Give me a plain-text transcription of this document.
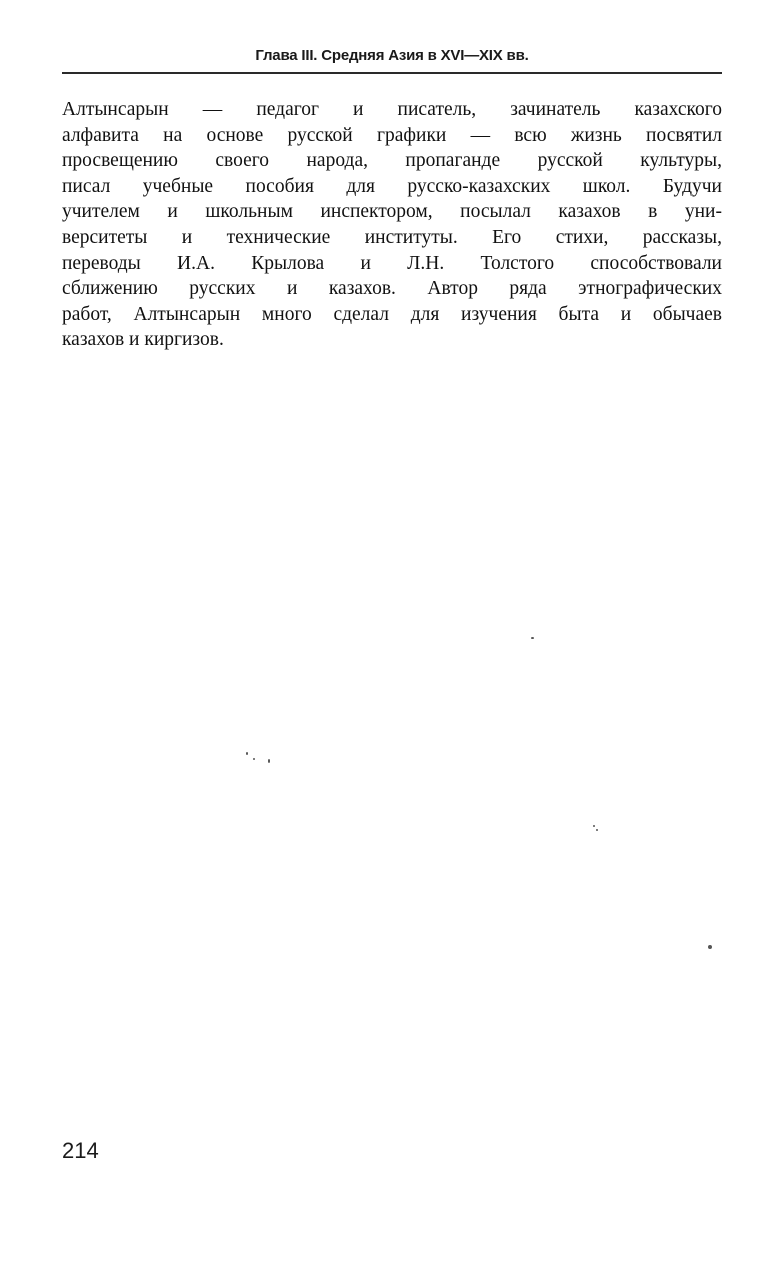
Глава III. Средняя Азия в XVI—XIX вв.
Алтынсарын — педагог и писатель, зачинатель казахского
алфавита на основе русской графики — всю жизнь посвятил
просвещению своего народа, пропаганде русской культуры,
писал учебные пособия для русско-казахских школ. Будучи
учителем и школьным инспектором, посылал казахов в уни-
верситеты и технические институты. Его стихи, рассказы,
переводы И.А. Крылова и Л.Н. Толстого способствовали
сближению русских и казахов. Автор ряда этнографических
работ, Алтынсарын много сделал для изучения быта и обычаев
казахов и киргизов.
214
